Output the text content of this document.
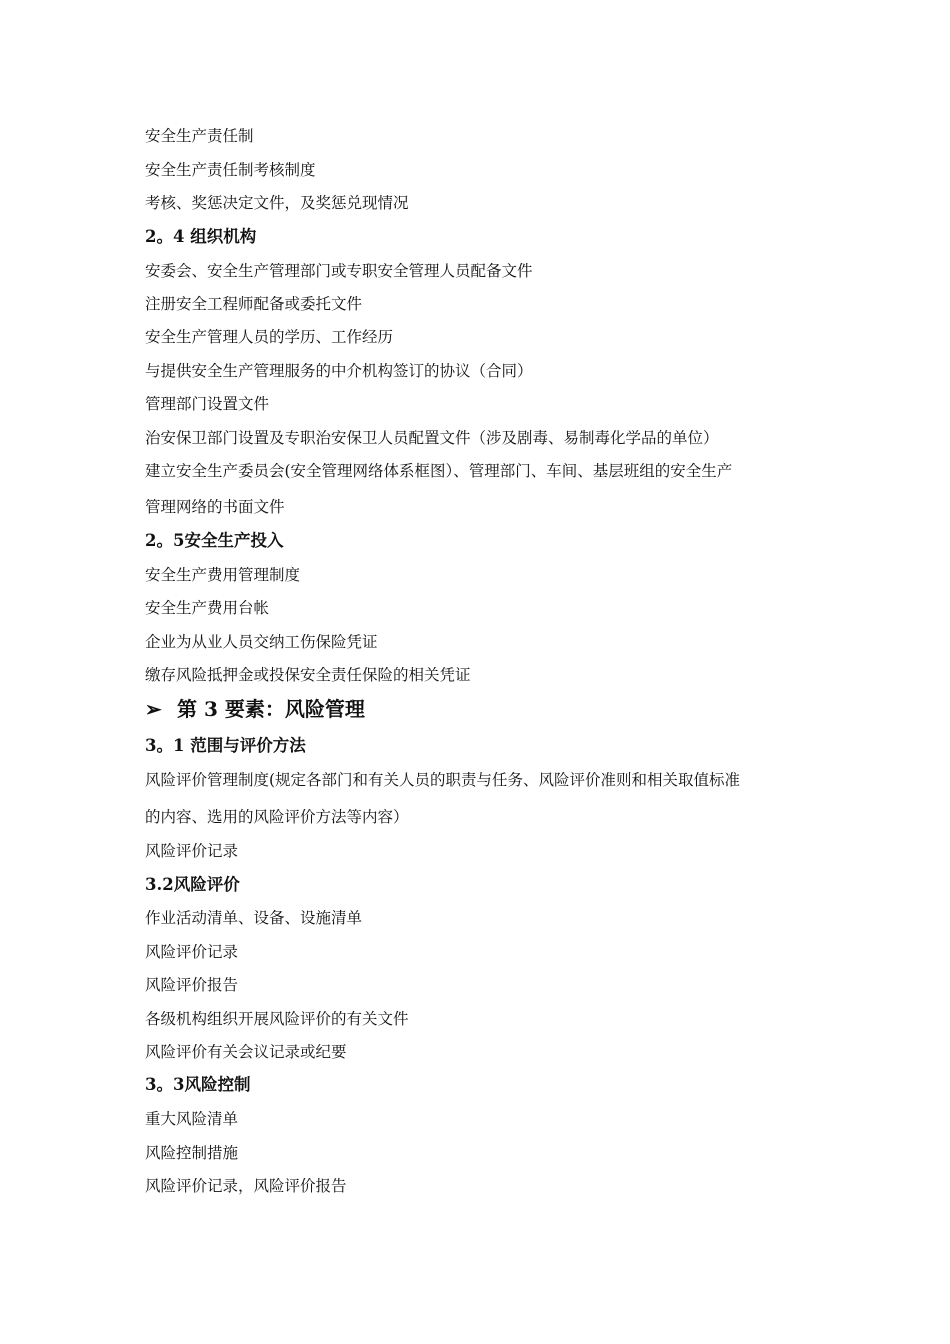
安全生产责任制
安全生产责任制考核制度
考核、奖惩决定文件，及奖惩兑现情况
2。4 组织机构
安委会、安全生产管理部门或专职安全管理人员配备文件
注册安全工程师配备或委托文件
安全生产管理人员的学历、工作经历
与提供安全生产管理服务的中介机构签订的协议（合同）
管理部门设置文件
治安保卫部门设置及专职治安保卫人员配置文件（涉及剧毒、易制毒化学品的单位）
建立安全生产委员会(安全管理网络体系框图）、管理部门、车间、基层班组的安全生产
管理网络的书面文件
2。5安全生产投入
安全生产费用管理制度
安全生产费用台帐
企业为从业人员交纳工伤保险凭证
缴存风险抵押金或投保安全责任保险的相关凭证
➢ 第 3 要素：风险管理
3。1 范围与评价方法
风险评价管理制度(规定各部门和有关人员的职责与任务、风险评价准则和相关取值标准
的内容、选用的风险评价方法等内容）
风险评价记录
3.2风险评价
作业活动清单、设备、设施清单
风险评价记录
风险评价报告
各级机构组织开展风险评价的有关文件
风险评价有关会议记录或纪要
3。3风险控制
重大风险清单
风险控制措施
风险评价记录，风险评价报告
